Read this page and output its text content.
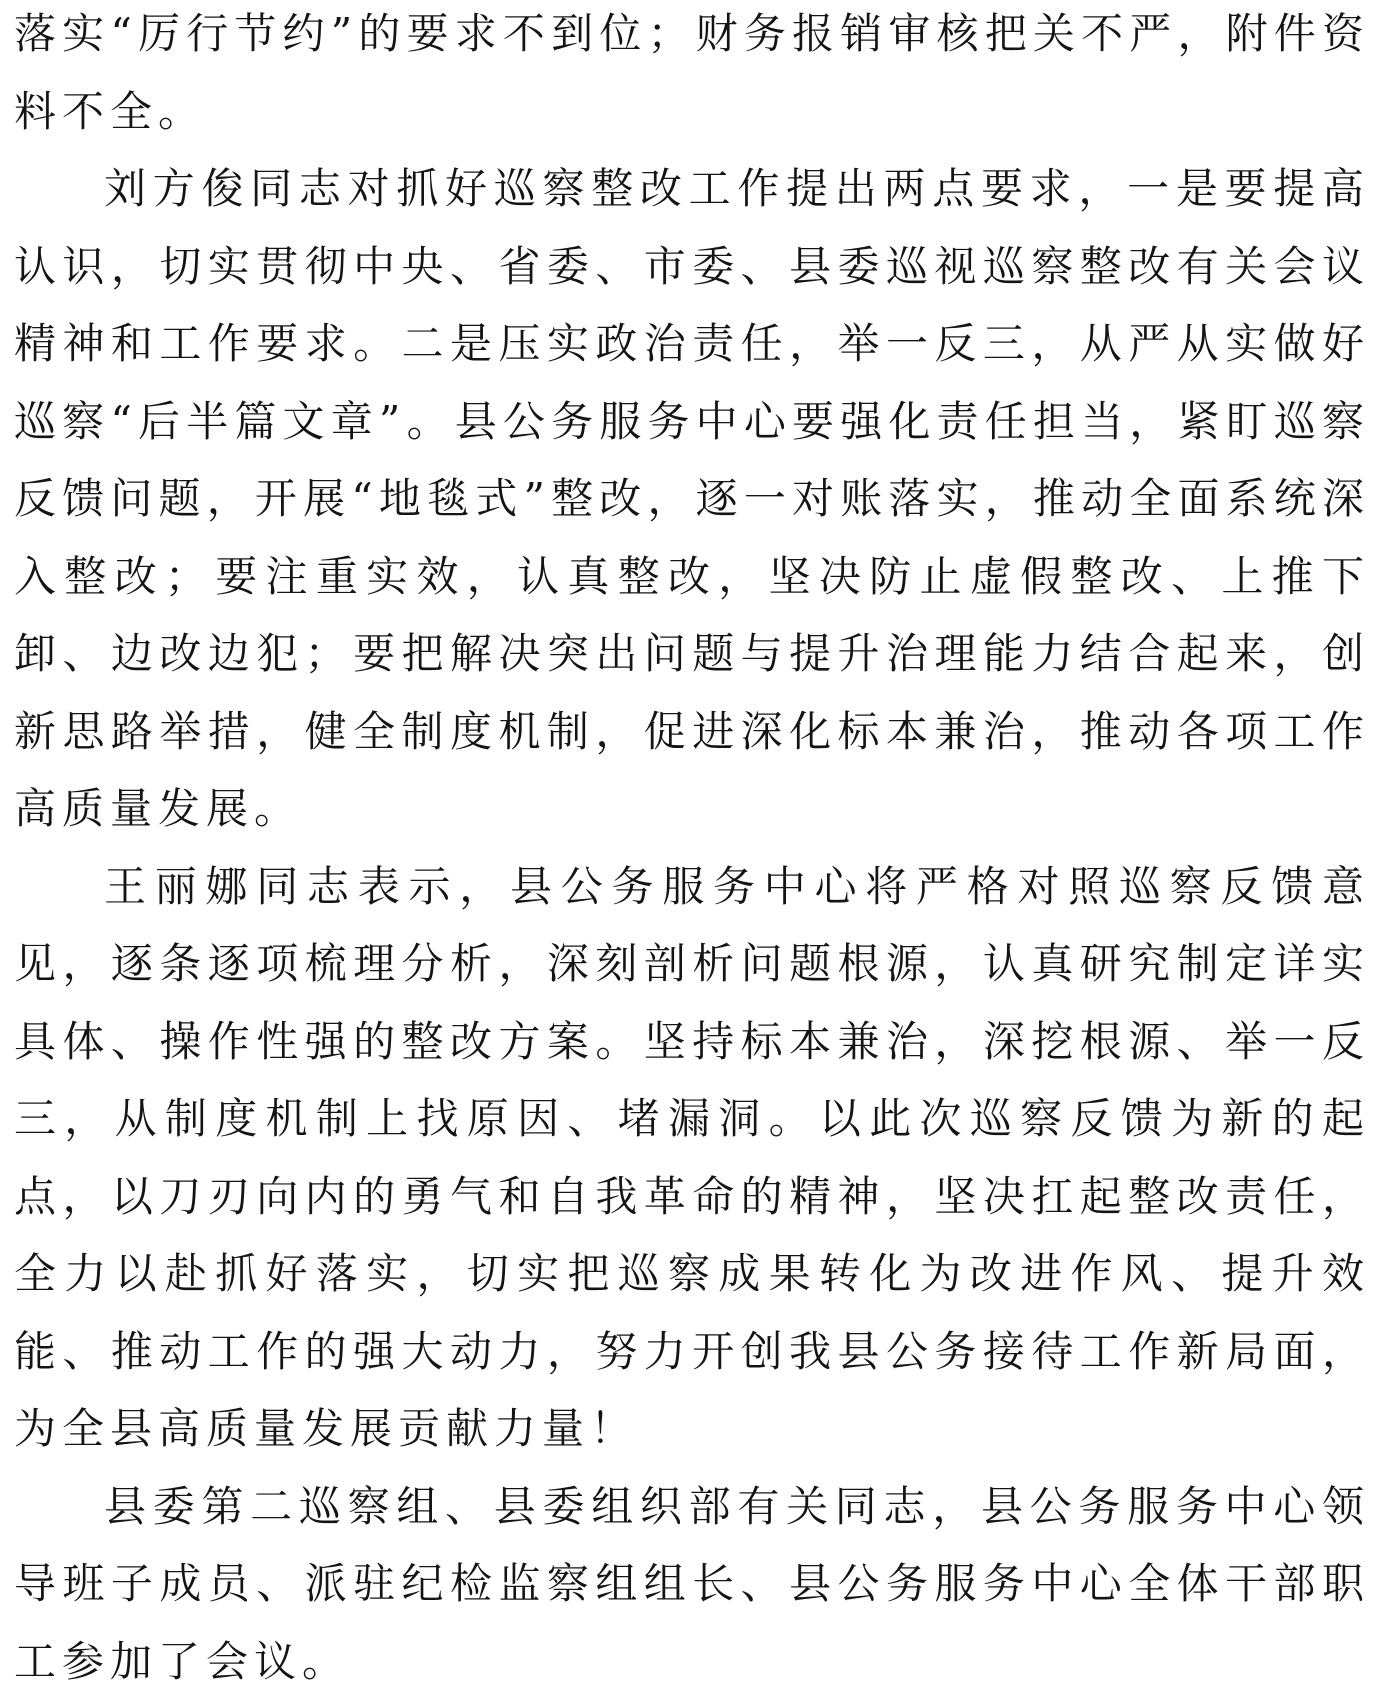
落实“厉行节约”的要求不到位；财务报销审核把关不严，附件资料不全。

刘方俊同志对抓好巡察整改工作提出两点要求，一是要提高认识，切实贯彻中央、省委、市委、县委巡视巡察整改有关会议精神和工作要求。二是压实政治责任，举一反三，从严从实做好巡察“后半篇文章”。县公务服务中心要强化责任担当，紧盯巡察反馈问题，开展“地毯式”整改，逐一对账落实，推动全面系统深入整改；要注重实效，认真整改，坚决防止虚假整改、上推下卸、边改边犯；要把解决突出问题与提升治理能力结合起来，创新思路举措，健全制度机制，促进深化标本兼治，推动各项工作高质量发展。

王丽娜同志表示，县公务服务中心将严格对照巡察反馈意见，逐条逐项梳理分析，深刻剖析问题根源，认真研究制定详实具体、操作性强的整改方案。坚持标本兼治，深挖根源、举一反三，从制度机制上找原因、堵漏洞。以此次巡察反馈为新的起点，以刀刃向内的勇气和自我革命的精神，坚决扛起整改责任，全力以赴抓好落实，切实把巡察成果转化为改进作风、提升效能、推动工作的强大动力，努力开创我县公务接待工作新局面，为全县高质量发展贡献力量！

县委第二巡察组、县委组织部有关同志，县公务服务中心领导班子成员、派驻纪检监察组组长、县公务服务中心全体干部职工参加了会议。
